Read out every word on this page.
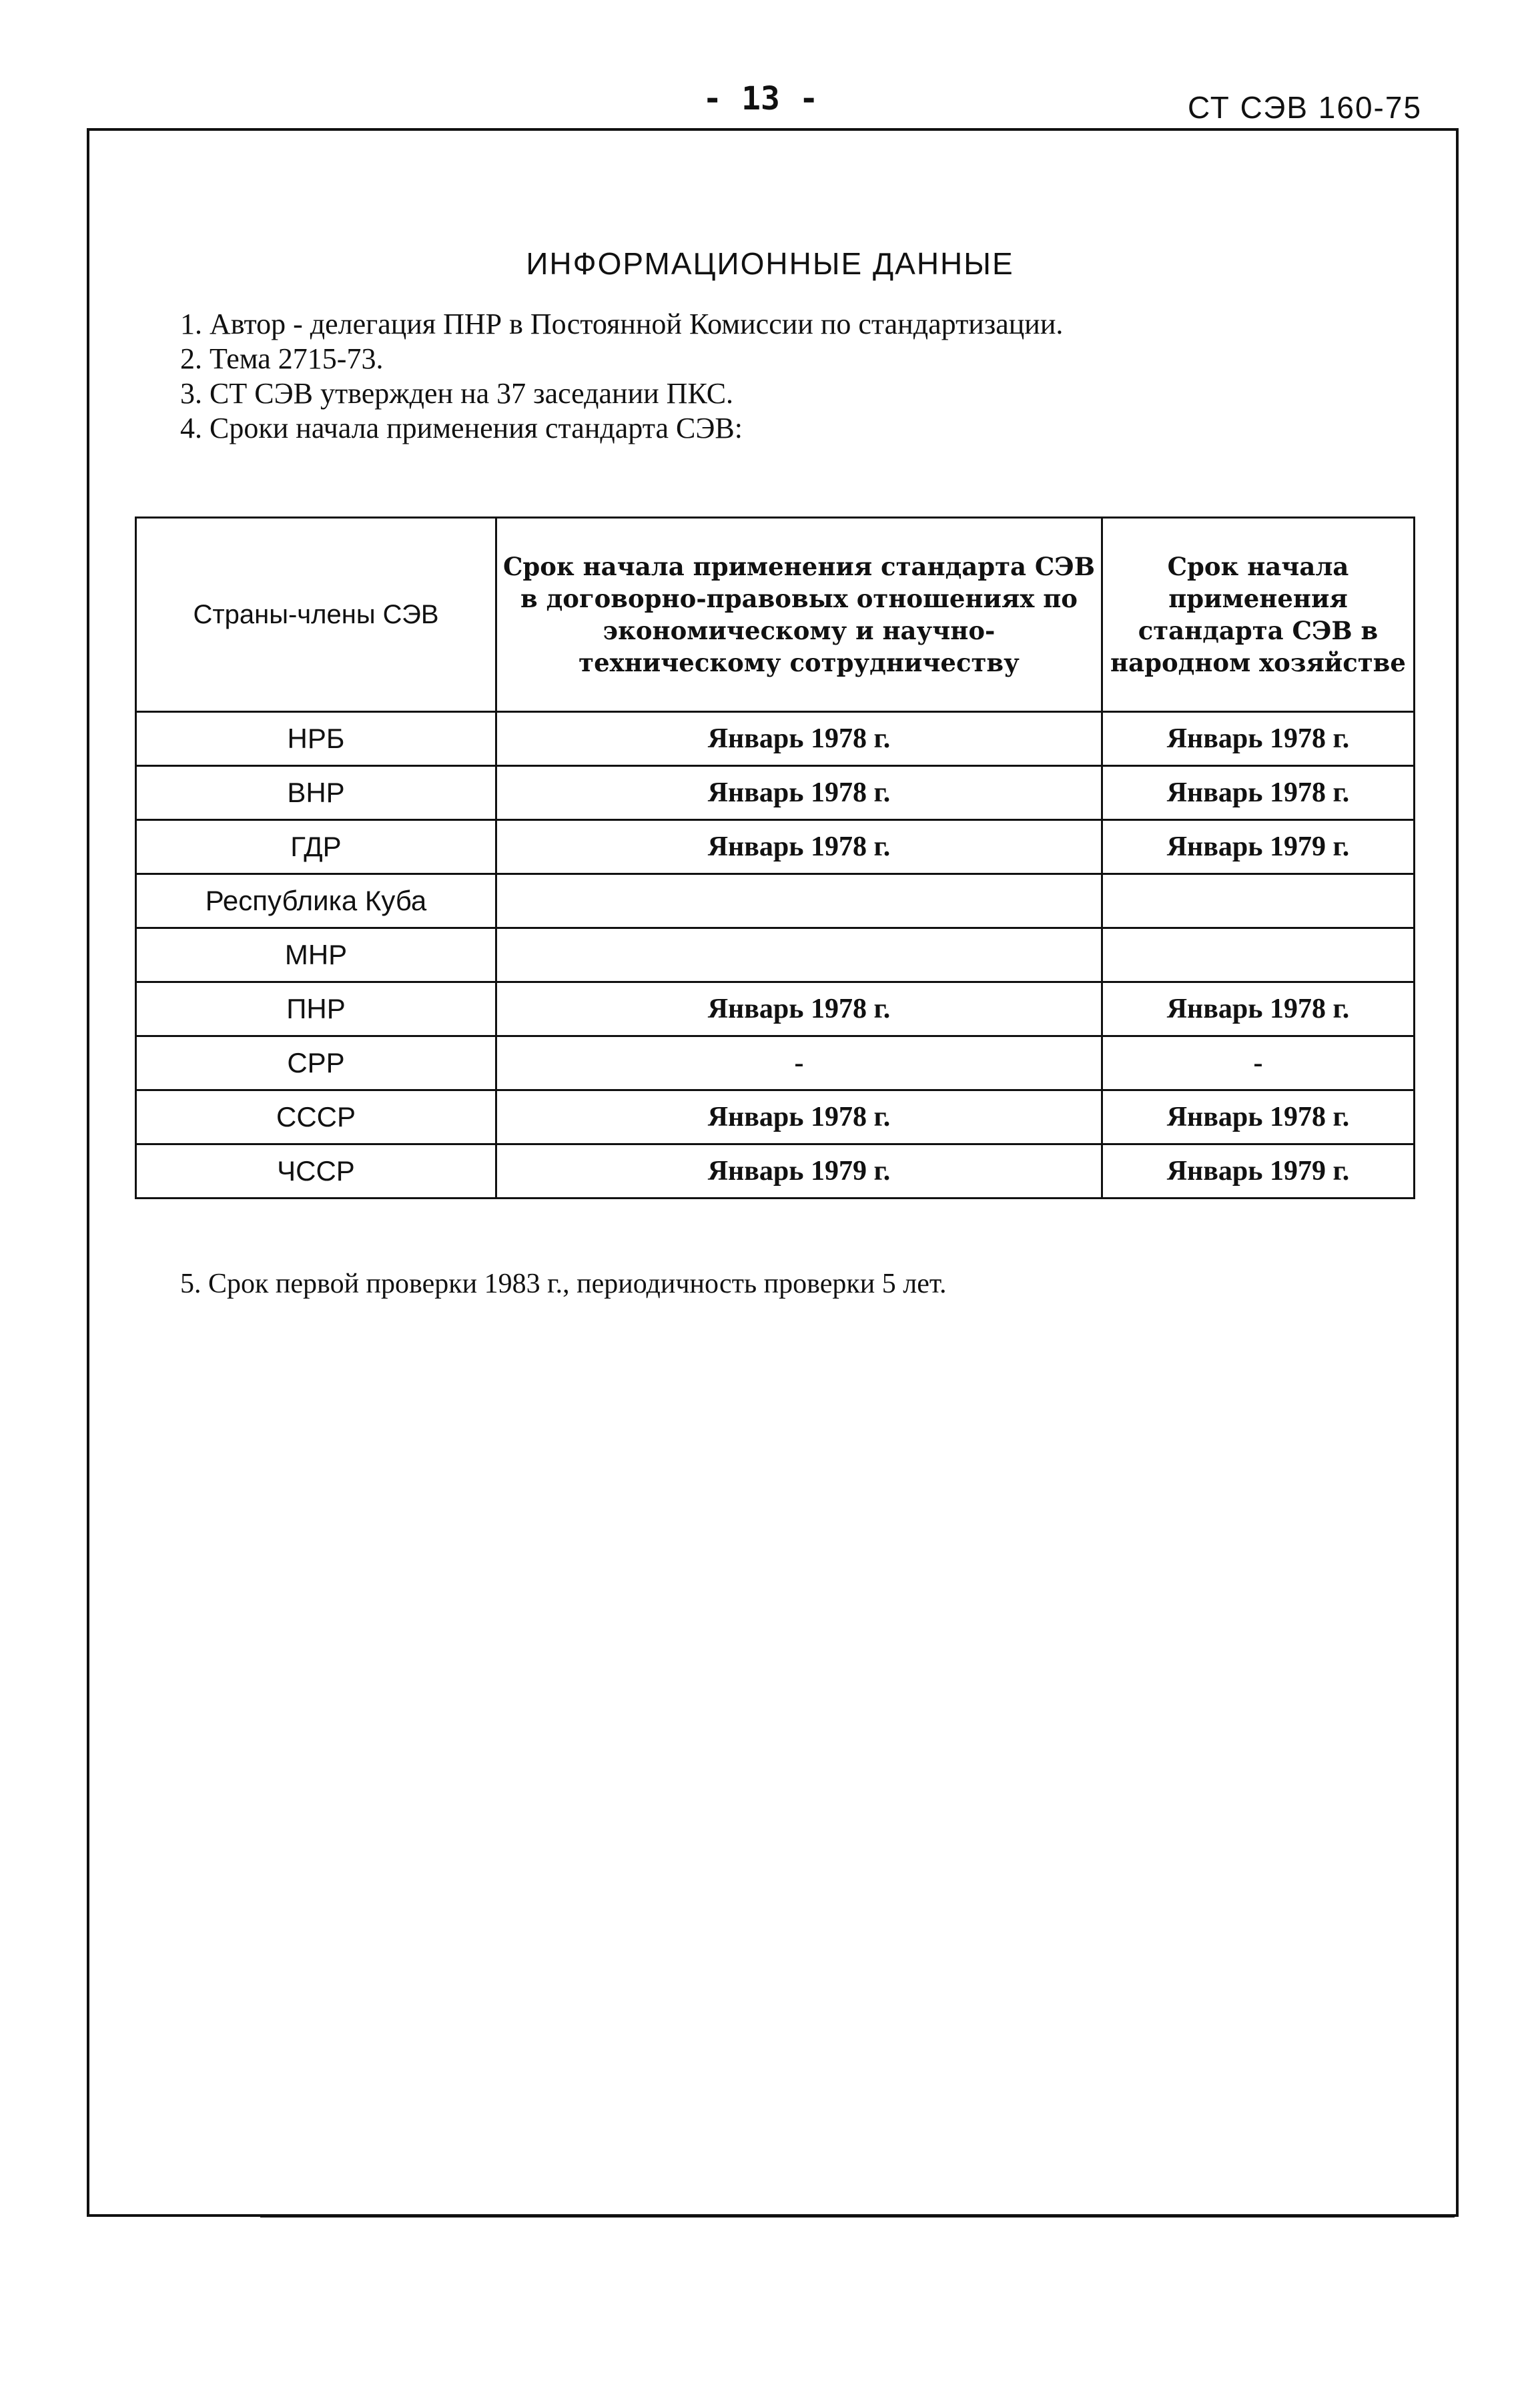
- 13 -	СТ СЭВ 160-75
ИНФОРМАЦИОННЫЕ ДАННЫЕ
1. Автор - делегация ПНР в Постоянной Комиссии по стандартизации.
2. Тема 2715-73.
3. СТ СЭВ утвержден на 37 заседании ПКС.
4. Сроки начала применения стандарта СЭВ:
Страны-члены СЭВ	Срок начала применения стандарта СЭВ в договорно-правовых отношениях по экономическому и научно-техническому сотрудничеству	Срок начала применения стандарта СЭВ в народном хозяйстве
НРБ	Январь 1978 г.	Январь 1978 г.
ВНР	Январь 1978 г.	Январь 1978 г.
ГДР	Январь 1978 г.	Январь 1979 г.
Республика Куба		
МНР		
ПНР	Январь 1978 г.	Январь 1978 г.
СРР	-	-
СССР	Январь 1978 г.	Январь 1978 г.
ЧССР	Январь 1979 г.	Январь 1979 г.
5. Срок первой проверки 1983 г., периодичность проверки 5 лет.
